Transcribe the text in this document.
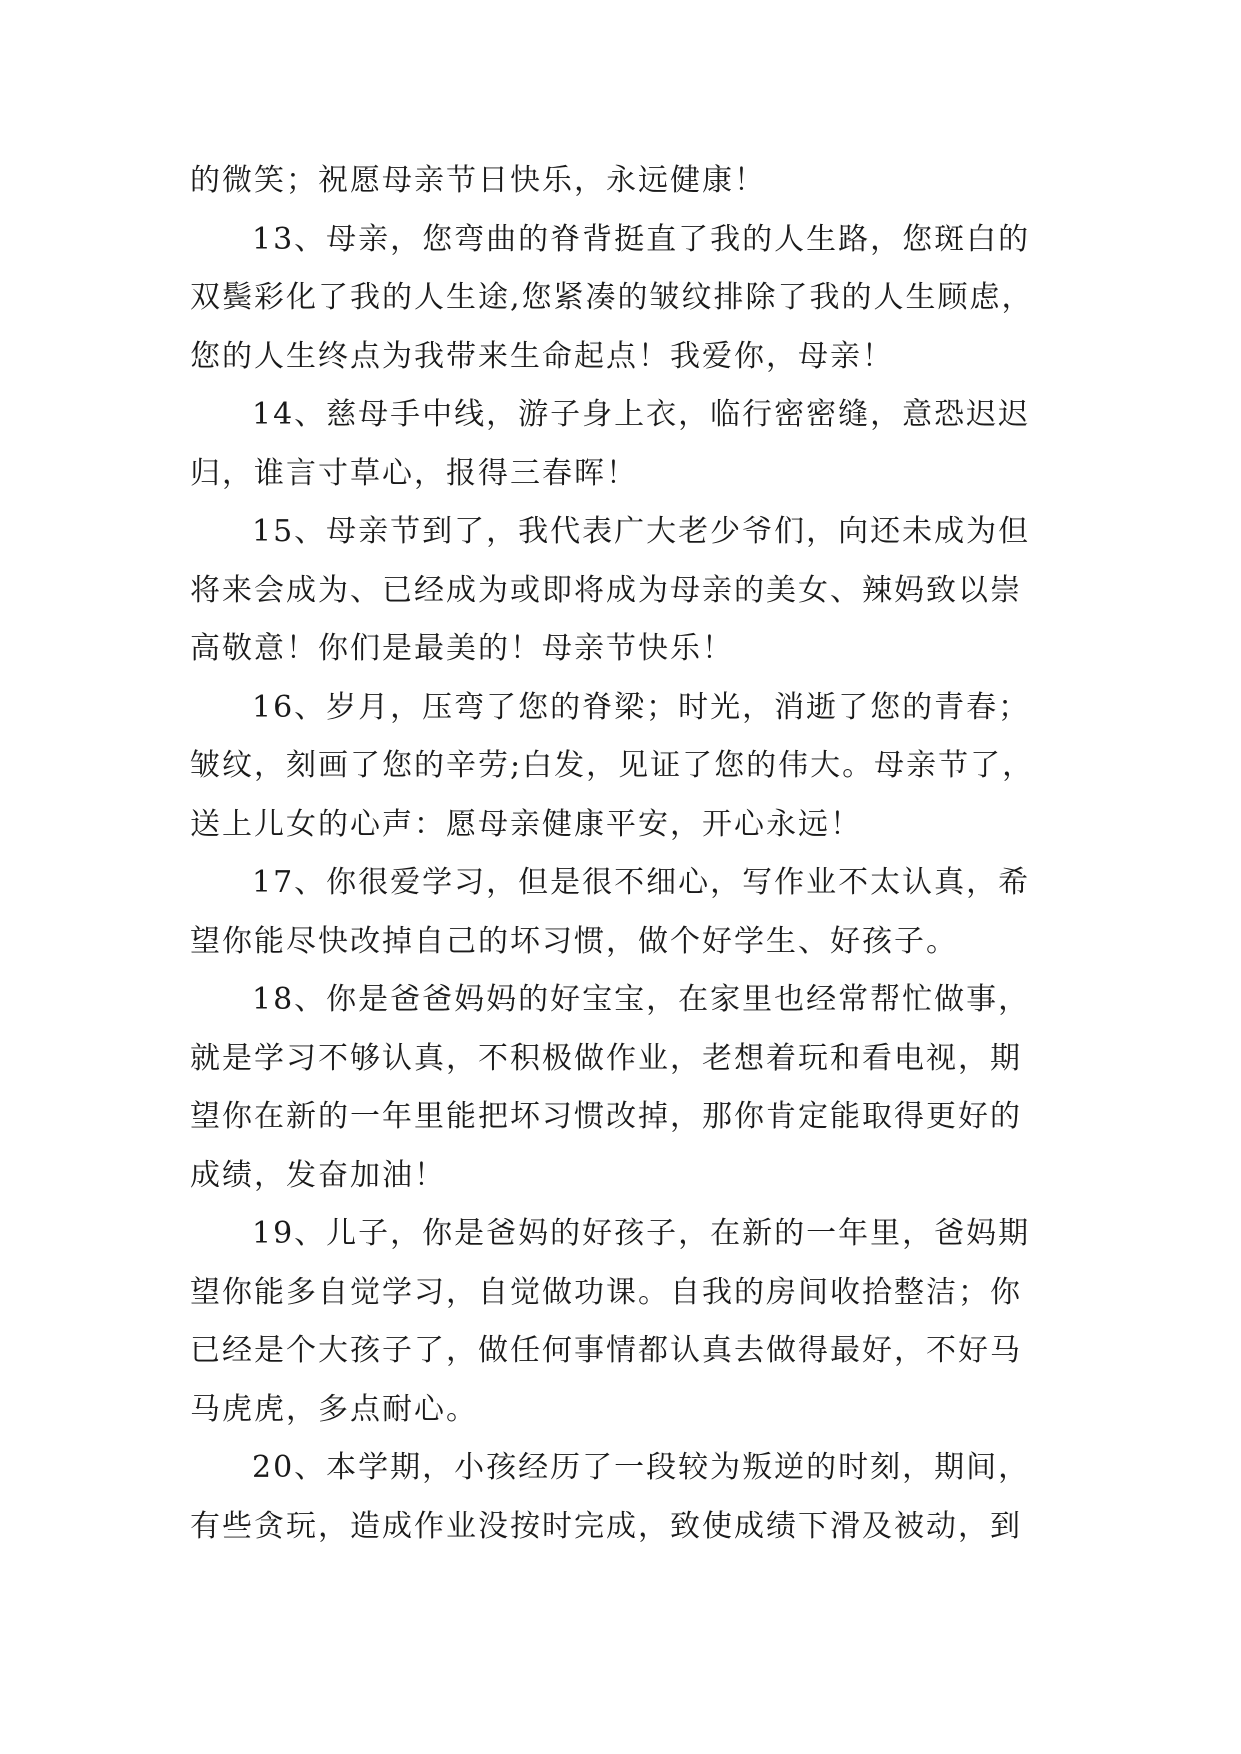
的微笑；祝愿母亲节日快乐，永远健康！

13、母亲，您弯曲的脊背挺直了我的人生路，您斑白的
双鬓彩化了我的人生途,您紧凑的皱纹排除了我的人生顾虑，
您的人生终点为我带来生命起点！我爱你，母亲！

14、慈母手中线，游子身上衣，临行密密缝，意恐迟迟
归，谁言寸草心，报得三春晖！

15、母亲节到了，我代表广大老少爷们，向还未成为但
将来会成为、已经成为或即将成为母亲的美女、辣妈致以崇
高敬意！你们是最美的！母亲节快乐！

16、岁月，压弯了您的脊梁；时光，消逝了您的青春；
皱纹，刻画了您的辛劳;白发，见证了您的伟大。母亲节了，
送上儿女的心声：愿母亲健康平安，开心永远！

17、你很爱学习，但是很不细心，写作业不太认真，希
望你能尽快改掉自己的坏习惯，做个好学生、好孩子。

18、你是爸爸妈妈的好宝宝，在家里也经常帮忙做事，
就是学习不够认真，不积极做作业，老想着玩和看电视，期
望你在新的一年里能把坏习惯改掉，那你肯定能取得更好的
成绩，发奋加油！

19、儿子，你是爸妈的好孩子，在新的一年里，爸妈期
望你能多自觉学习，自觉做功课。自我的房间收拾整洁；你
已经是个大孩子了，做任何事情都认真去做得最好，不好马
马虎虎，多点耐心。

20、本学期，小孩经历了一段较为叛逆的时刻，期间，
有些贪玩，造成作业没按时完成，致使成绩下滑及被动，到
